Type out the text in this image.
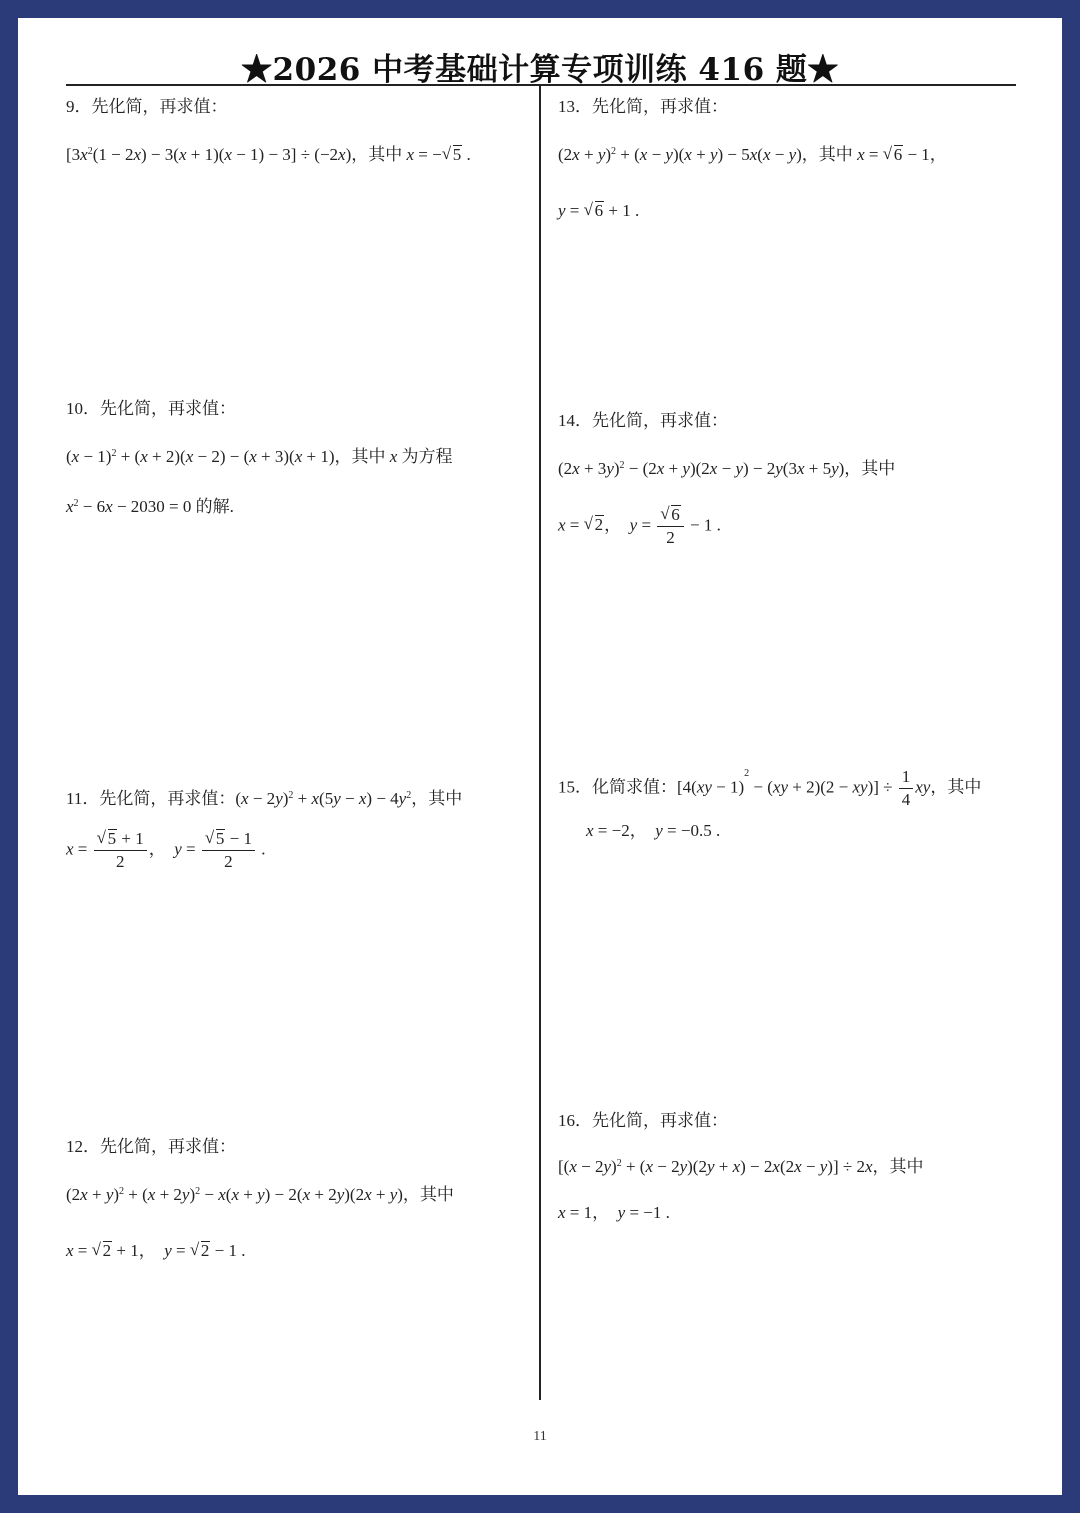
★2026 中考基础计算专项训练 416 题★
9．先化简，再求值：
$[3x^2(1 - 2x) - 3(x + 1)(x - 1) - 3] \div (-2x)$，其中 x = − √ 5 .
10．先化简，再求值：
$(x - 1)^2 + (x + 2)(x - 2) - (x + 3)(x + 1)$，其中 x 为方程
$x^2 - 6x - 2030 = 0$ 的解.
11．先化简，再求值：$(x - 2y)^2 + x(5y - x) - 4y^2$，其中
x = √ $\frac{5 + 1}{2}$ ，  y = √ $\frac{5 - 1}{2}$ .
12．先化简，再求值：
$(2x + y)^2 + (x + 2y)^2 - x(x + y) - 2(x + 2y)(2x + y)$，其中
x = √ 2 + 1，  y = √ 2 − 1 .
13．先化简，再求值：
$(2x + y)^2 + (x - y)(x + y) - 5x(x - y)$，其中 x = √ 6 − 1，
y = √ 6 + 1 .
14．先化简，再求值：
$(2x + 3y)^2 - (2x + y)(2x - y) - 2y(3x + 5y)$，其中
x = √ 2，  y = √ $\frac{6}{2} - 1$ .
15．化简求值：$[4(xy - 1)^2 - (xy + 2)(2 - xy)] \div \frac{1}{4}$ xy，其中
x = −2，  y = −0.5 .
16．先化简，再求值：
$[(x - 2y)^2 + (x - 2y)(2y + x) - 2x(2x - y)] \div 2x$，其中
x = 1，  y = −1 .
11
